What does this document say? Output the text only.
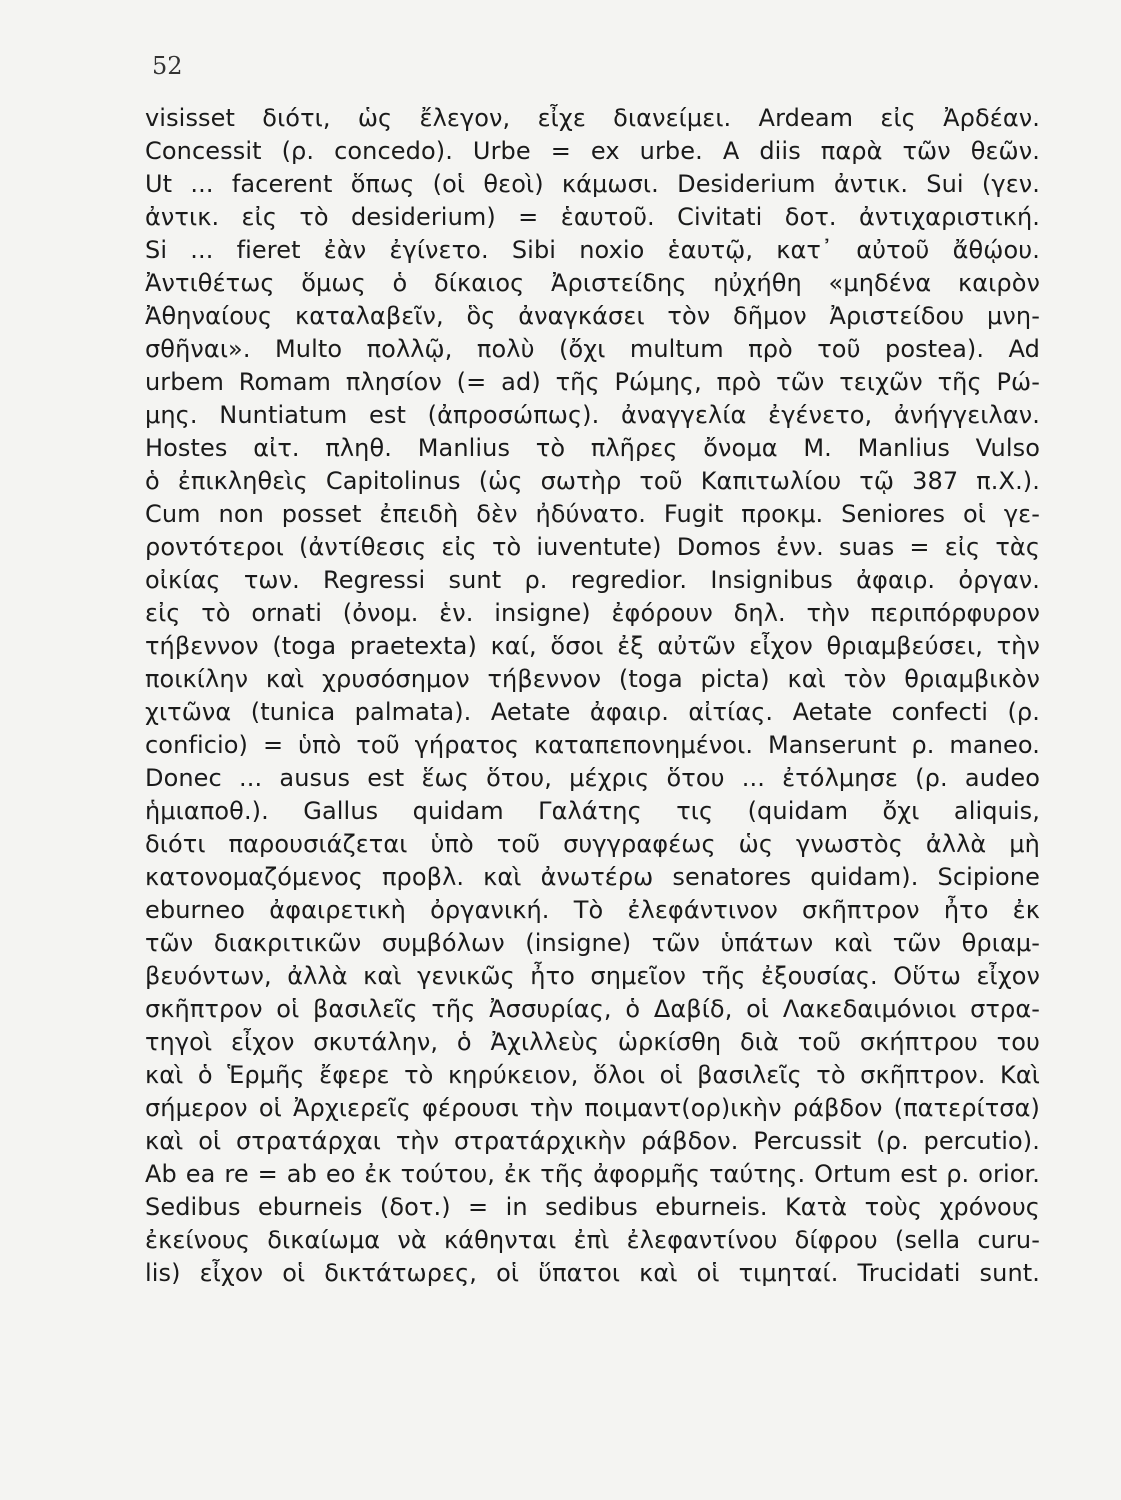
52
visisset διότι, ὡς ἔλεγον, εἶχε διανείμει. Ardeam εἰς Ἀρδέαν.
Concessit (ρ. concedo). Urbe = ex urbe. A diis παρὰ τῶν θεῶν.
Ut ... facerent ὅπως (οἱ θεοὶ) κάμωσι. Desiderium ἀντικ. Sui (γεν.
ἀντικ. εἰς τὸ desiderium) = ἑαυτοῦ. Civitati δοτ. ἀντιχαριστική.
Si ... fieret ἐὰν ἐγίνετο. Sibi noxio ἑαυτῷ, κατ᾽ αὐτοῦ ἄθῴου.
Ἀντιθέτως ὅμως ὁ δίκαιος Ἀριστείδης ηὐχήθη «μηδένα καιρὸν
Ἀθηναίους καταλαβεῖν, ὃς ἀναγκάσει τὸν δῆμον Ἀριστείδου μνη-
σθῆναι». Multo πολλῷ, πολὺ (ὄχι multum πρὸ τοῦ postea). Ad
urbem Romam πλησίον (= ad) τῆς Ρώμης, πρὸ τῶν τειχῶν τῆς Ρώ-
μης. Nuntiatum est (ἀπροσώπως). ἀναγγελία ἐγένετο, ἀνήγγειλαν.
Hostes αἰτ. πληθ. Manlius τὸ πλῆρες ὄνομα M. Manlius Vulso
ὁ ἐπικληθεὶς Capitolinus (ὡς σωτὴρ τοῦ Καπιτωλίου τῷ 387 π.Χ.).
Cum non posset ἐπειδὴ δὲν ἠδύνατο. Fugit προκμ. Seniores οἱ γε-
ροντότεροι (ἀντίθεσις εἰς τὸ iuventute) Domos ἐνν. suas = εἰς τὰς
οἰκίας των. Regressi sunt ρ. regredior. Insignibus ἀφαιρ. ὀργαν.
εἰς τὸ ornati (ὀνομ. ἑν. insigne) ἐφόρουν δηλ. τὴν περιπόρφυρον
τήβεννον (toga praetexta) καί, ὅσοι ἐξ αὐτῶν εἶχον θριαμβεύσει, τὴν
ποικίλην καὶ χρυσόσημον τήβεννον (toga picta) καὶ τὸν θριαμβικὸν
χιτῶνα (tunica palmata). Aetate ἀφαιρ. αἰτίας. Aetate confecti (ρ.
conficio) = ὑπὸ τοῦ γήρατος καταπεπονημένοι. Manserunt ρ. maneo.
Donec ... ausus est ἕως ὅτου, μέχρις ὅτου ... ἐτόλμησε (ρ. audeo
ἡμιαποθ.). Gallus quidam Γαλάτης τις (quidam ὄχι aliquis,
διότι παρουσιάζεται ὑπὸ τοῦ συγγραφέως ὡς γνωστὸς ἀλλὰ μὴ
κατονομαζόμενος προβλ. καὶ ἀνωτέρω senatores quidam). Scipione
eburneo ἀφαιρετικὴ ὀργανική. Τὸ ἐλεφάντινον σκῆπτρον ἦτο ἐκ
τῶν διακριτικῶν συμβόλων (insigne) τῶν ὑπάτων καὶ τῶν θριαμ-
βευόντων, ἀλλὰ καὶ γενικῶς ἦτο σημεῖον τῆς ἐξουσίας. Οὕτω εἶχον
σκῆπτρον οἱ βασιλεῖς τῆς Ἀσσυρίας, ὁ Δαβίδ, οἱ Λακεδαιμόνιοι στρα-
τηγοὶ εἶχον σκυτάλην, ὁ Ἀχιλλεὺς ὡρκίσθη διὰ τοῦ σκήπτρου του
καὶ ὁ Ἑρμῆς ἔφερε τὸ κηρύκειον, ὅλοι οἱ βασιλεῖς τὸ σκῆπτρον. Καὶ
σήμερον οἱ Ἀρχιερεῖς φέρουσι τὴν ποιμαντ(ορ)ικὴν ράβδον (πατερίτσα)
καὶ οἱ στρατάρχαι τὴν στρατάρχικὴν ράβδον. Percussit (ρ. percutio).
Ab ea re = ab eo ἐκ τούτου, ἐκ τῆς ἀφορμῆς ταύτης. Ortum est ρ. orior.
Sedibus eburneis (δοτ.) = in sedibus eburneis. Κατὰ τοὺς χρόνους
ἐκείνους δικαίωμα νὰ κάθηνται ἐπὶ ἐλεφαντίνου δίφρου (sella curu-
lis) εἶχον οἱ δικτάτωρες, οἱ ὕπατοι καὶ οἱ τιμηταί. Trucidati sunt.
